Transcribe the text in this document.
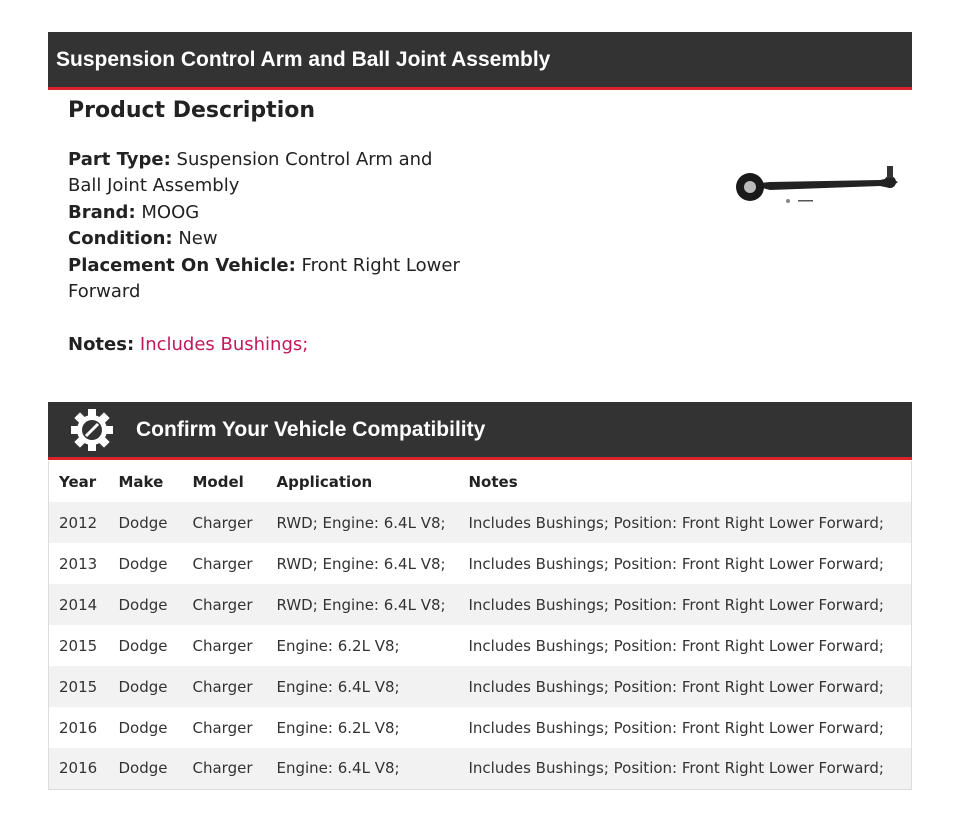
Suspension Control Arm and Ball Joint Assembly
Product Description
Part Type: Suspension Control Arm and Ball Joint Assembly
Brand: MOOG
Condition: New
Placement On Vehicle: Front Right Lower Forward
Notes: Includes Bushings;
Confirm Your Vehicle Compatibility
Year	Make	Model	Application	Notes
2012	Dodge	Charger	RWD; Engine: 6.4L V8;	Includes Bushings; Position: Front Right Lower Forward;
2013	Dodge	Charger	RWD; Engine: 6.4L V8;	Includes Bushings; Position: Front Right Lower Forward;
2014	Dodge	Charger	RWD; Engine: 6.4L V8;	Includes Bushings; Position: Front Right Lower Forward;
2015	Dodge	Charger	Engine: 6.2L V8;	Includes Bushings; Position: Front Right Lower Forward;
2015	Dodge	Charger	Engine: 6.4L V8;	Includes Bushings; Position: Front Right Lower Forward;
2016	Dodge	Charger	Engine: 6.2L V8;	Includes Bushings; Position: Front Right Lower Forward;
2016	Dodge	Charger	Engine: 6.4L V8;	Includes Bushings; Position: Front Right Lower Forward;
